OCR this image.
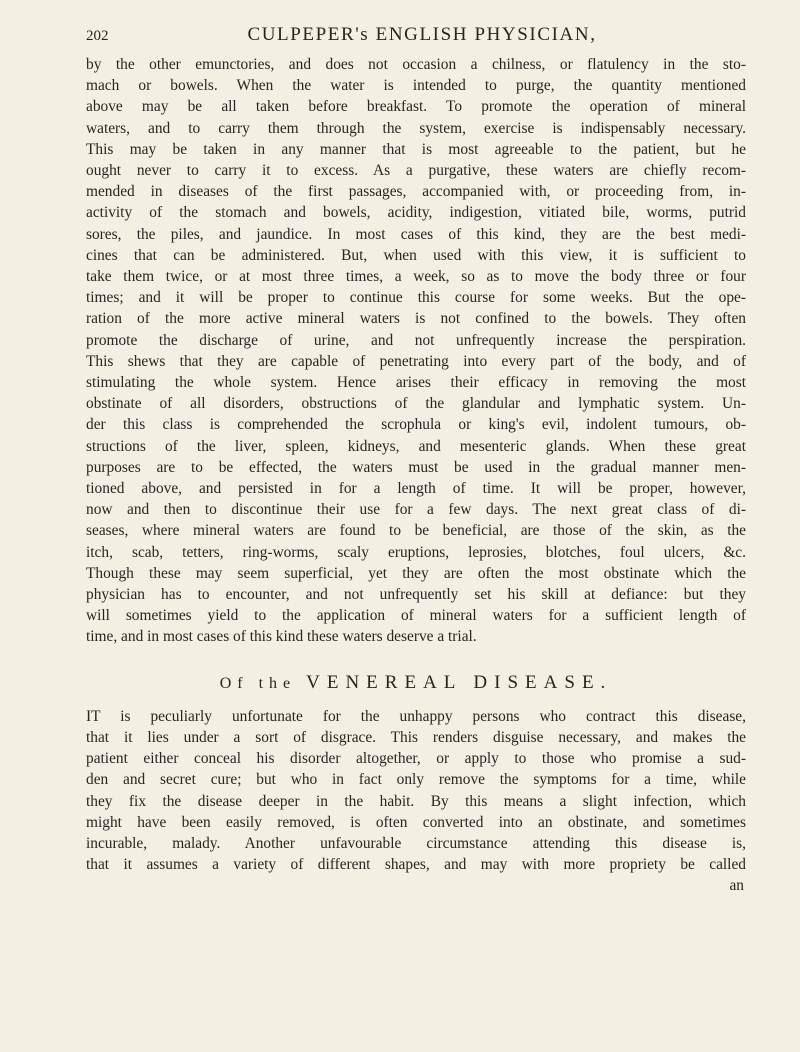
202	CULPEPER's ENGLISH PHYSICIAN,

by the other emunctories, and does not occasion a chilness, or flatulency in the sto-

mach or bowels. When the water is intended to purge, the quantity mentioned

above may be all taken before breakfast. To promote the operation of mineral

waters, and to carry them through the system, exercise is indispensably necessary.

This may be taken in any manner that is most agreeable to the patient, but he

ought never to carry it to excess. As a purgative, these waters are chiefly recom-

mended in diseases of the first passages, accompanied with, or proceeding from, in-

activity of the stomach and bowels, acidity, indigestion, vitiated bile, worms, putrid

sores, the piles, and jaundice. In most cases of this kind, they are the best medi-

cines that can be administered. But, when used with this view, it is sufficient to

take them twice, or at most three times, a week, so as to move the body three or four

times; and it will be proper to continue this course for some weeks. But the ope-

ration of the more active mineral waters is not confined to the bowels. They often

promote the discharge of urine, and not unfrequently increase the perspiration.

This shews that they are capable of penetrating into every part of the body, and of

stimulating the whole system. Hence arises their efficacy in removing the most

obstinate of all disorders, obstructions of the glandular and lymphatic system. Un-

der this class is comprehended the scrophula or king's evil, indolent tumours, ob-

structions of the liver, spleen, kidneys, and mesenteric glands. When these great

purposes are to be effected, the waters must be used in the gradual manner men-

tioned above, and persisted in for a length of time. It will be proper, however,

now and then to discontinue their use for a few days. The next great class of di-

seases, where mineral waters are found to be beneficial, are those of the skin, as the

itch, scab, tetters, ring-worms, scaly eruptions, leprosies, blotches, foul ulcers, &c.

Though these may seem superficial, yet they are often the most obstinate which the

physician has to encounter, and not unfrequently set his skill at defiance: but they

will sometimes yield to the application of mineral waters for a sufficient length of

time, and in most cases of this kind these waters deserve a trial.

Of the VENEREAL DISEASE.

IT is peculiarly unfortunate for the unhappy persons who contract this disease,

that it lies under a sort of disgrace. This renders disguise necessary, and makes the

patient either conceal his disorder altogether, or apply to those who promise a sud-

den and secret cure; but who in fact only remove the symptoms for a time, while

they fix the disease deeper in the habit. By this means a slight infection, which

might have been easily removed, is often converted into an obstinate, and sometimes

incurable, malady. Another unfavourable circumstance attending this disease is,

that it assumes a variety of different shapes, and may with more propriety be called

an
